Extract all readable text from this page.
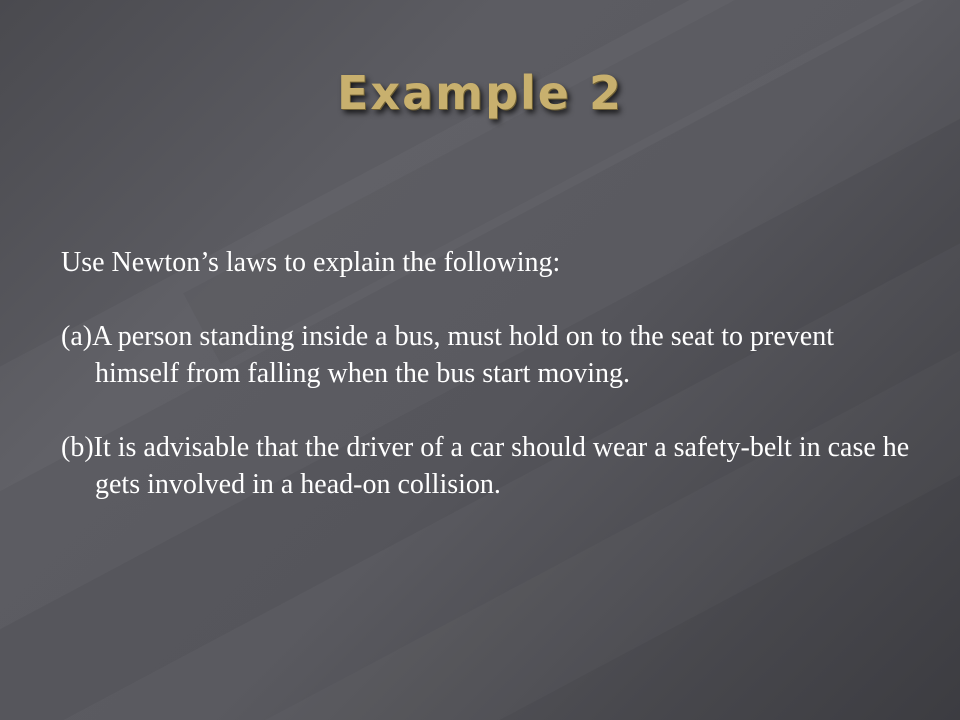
Example 2

Use Newton’s laws to explain the following:

(a)A person standing inside a bus, must hold on to the seat to prevent himself from falling when the bus start moving.
(b)It is advisable that the driver of a car should wear a safety-belt in case he gets involved in a head-on collision.
